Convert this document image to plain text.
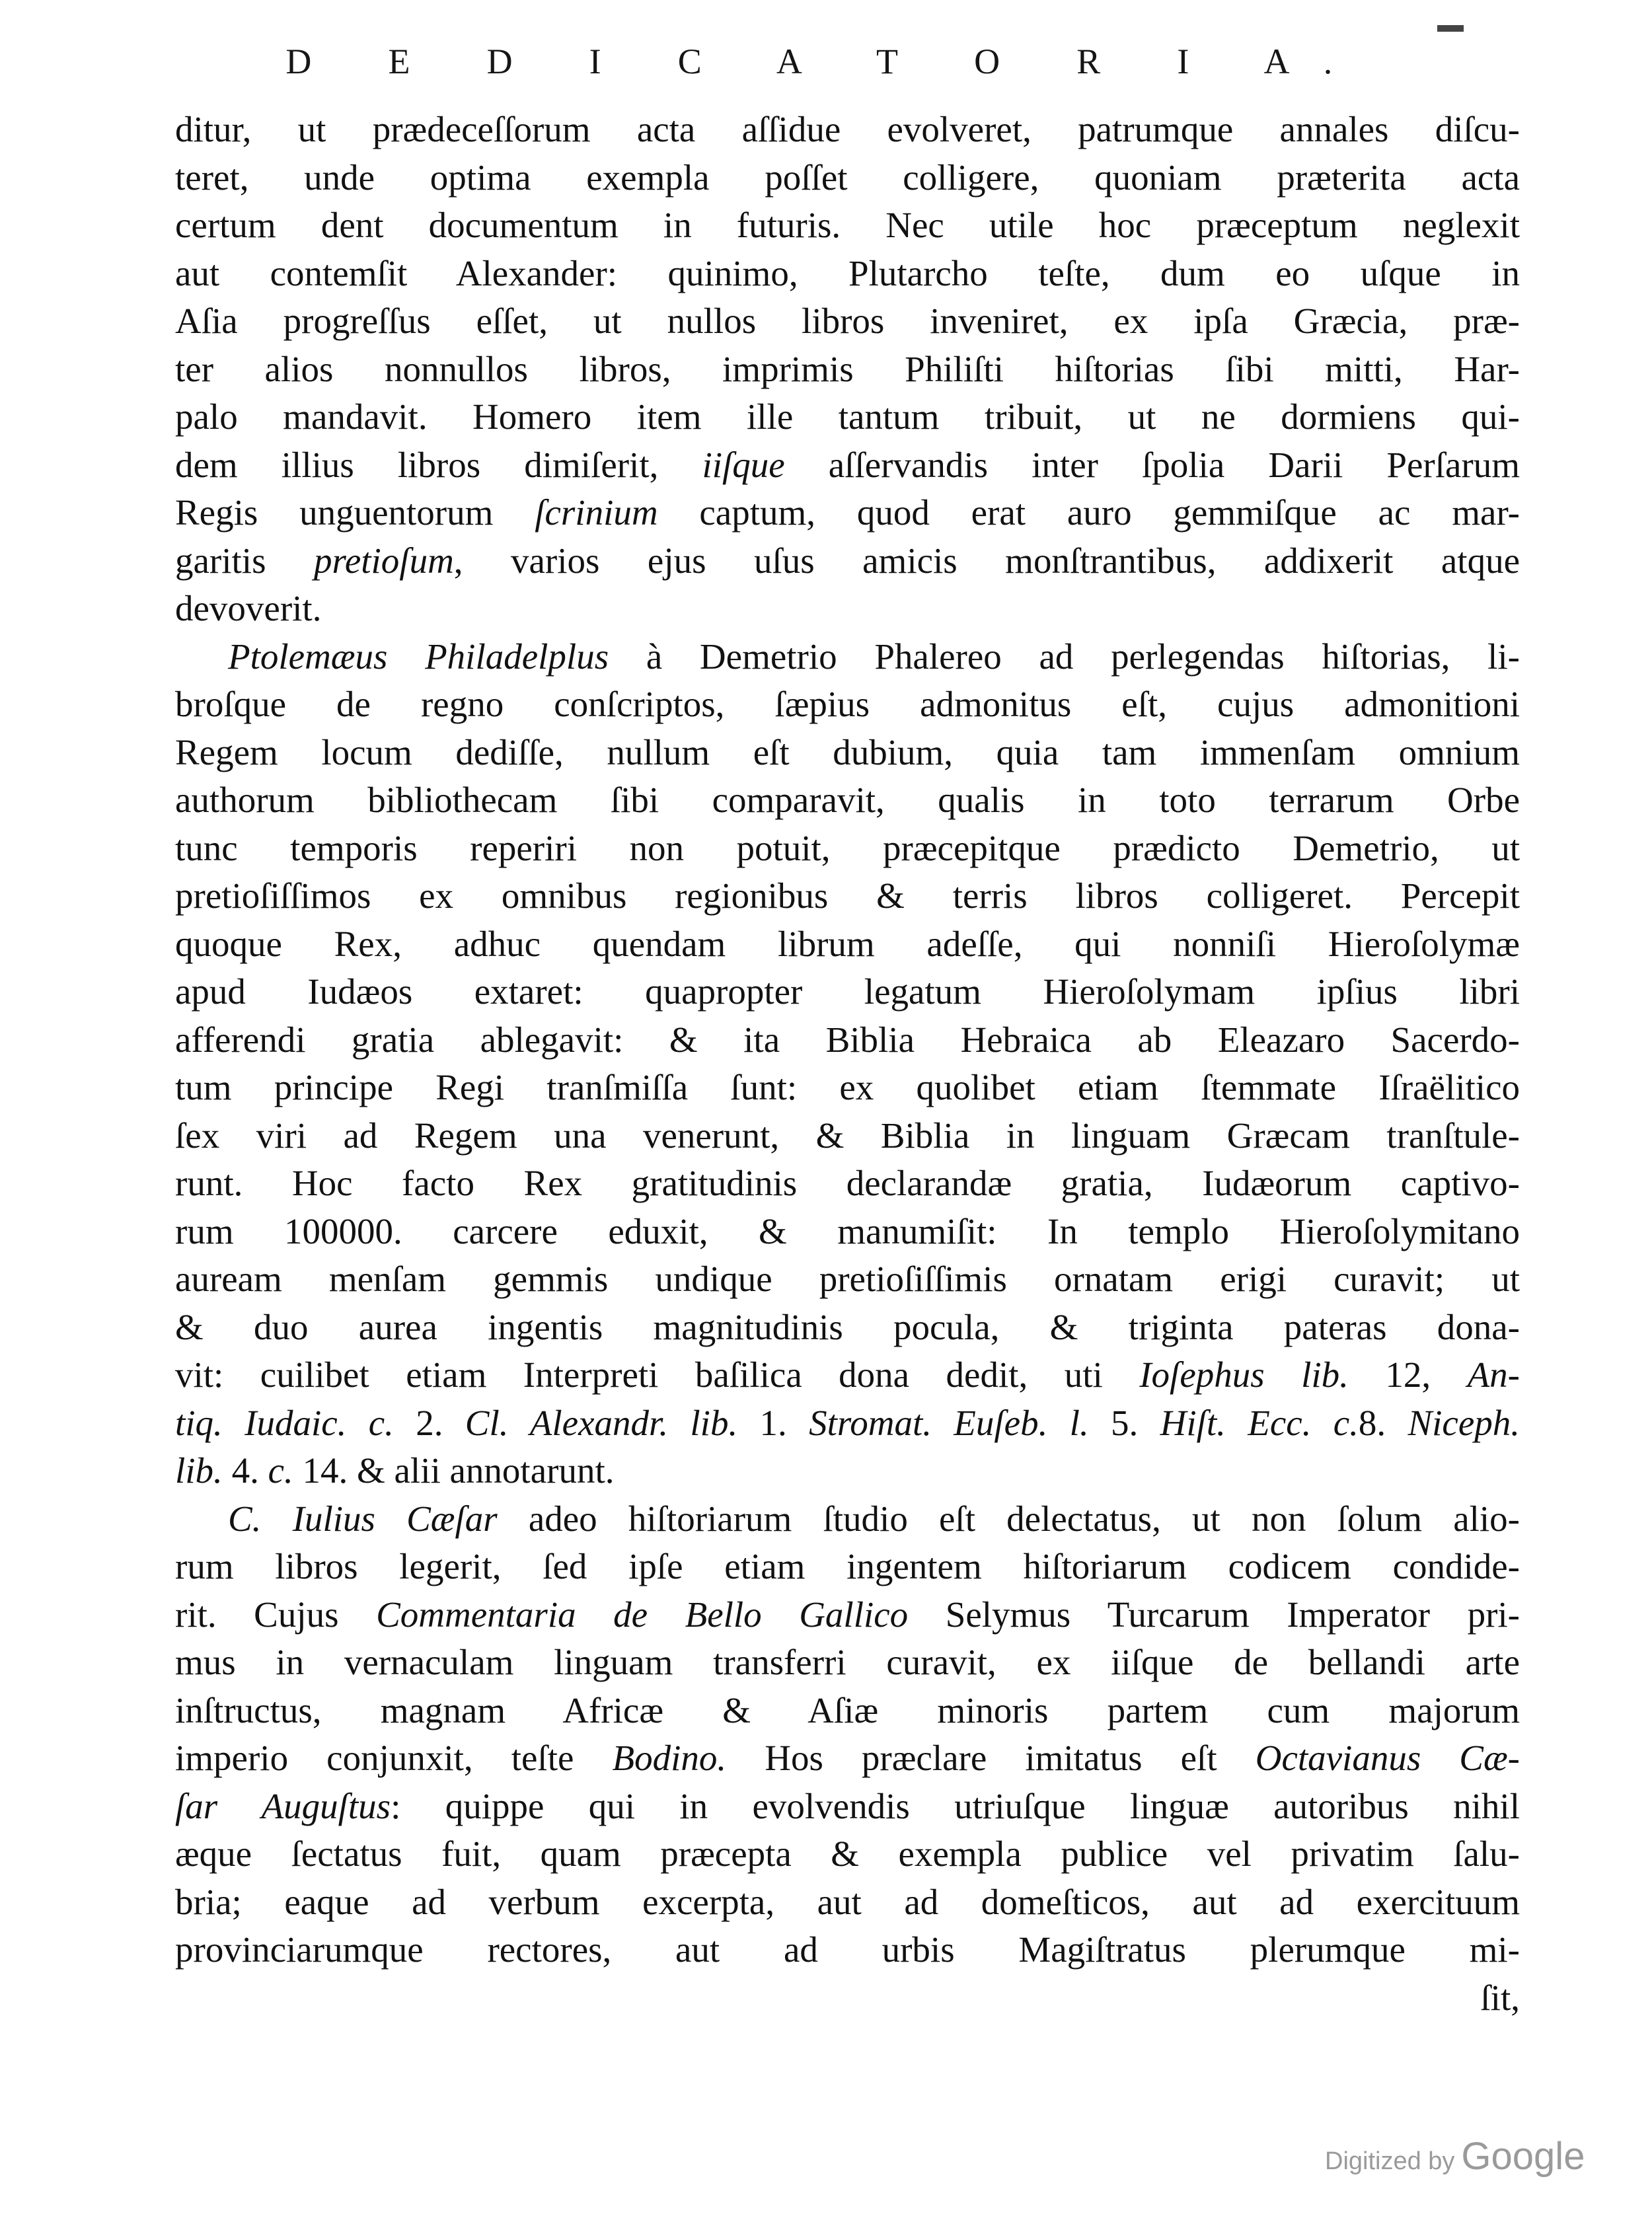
D E D I C A T O R I A.
ditur, ut prædeceſſorum acta aſſidue evolveret, patrumque annales diſcu-
teret, unde optima exempla poſſet colligere, quoniam præterita acta
certum dent documentum in futuris. Nec utile hoc præceptum neglexit
aut contemſit Alexander: quinimo, Plutarcho teſte, dum eo uſque in
Aſia progreſſus eſſet, ut nullos libros inveniret, ex ipſa Græcia, præ-
ter alios nonnullos libros, imprimis Philiſti hiſtorias ſibi mitti, Har-
palo mandavit. Homero item ille tantum tribuit, ut ne dormiens qui-
dem illius libros dimiſerit, iiſque aſſervandis inter ſpolia Darii Perſarum
Regis unguentorum ſcrinium captum, quod erat auro gemmiſque ac mar-
garitis pretioſum, varios ejus uſus amicis monſtrantibus, addixerit atque
devoverit.
Ptolemæus Philadelplus à Demetrio Phalereo ad perlegendas hiſtorias, li-
broſque de regno conſcriptos, ſæpius admonitus eſt, cujus admonitioni
Regem locum dediſſe, nullum eſt dubium, quia tam immenſam omnium
authorum bibliothecam ſibi comparavit, qualis in toto terrarum Orbe
tunc temporis reperiri non potuit, præcepitque prædicto Demetrio, ut
pretioſiſſimos ex omnibus regionibus & terris libros colligeret. Percepit
quoque Rex, adhuc quendam librum adeſſe, qui nonniſi Hieroſolymæ
apud Iudæos extaret: quapropter legatum Hieroſolymam ipſius libri
afferendi gratia ablegavit: & ita Biblia Hebraica ab Eleazaro Sacerdo-
tum principe Regi tranſmiſſa ſunt: ex quolibet etiam ſtemmate Iſraëlitico
ſex viri ad Regem una venerunt, & Biblia in linguam Græcam tranſtule-
runt. Hoc facto Rex gratitudinis declarandæ gratia, Iudæorum captivo-
rum 100000. carcere eduxit, & manumiſit: In templo Hieroſolymitano
auream menſam gemmis undique pretioſiſſimis ornatam erigi curavit; ut
& duo aurea ingentis magnitudinis pocula, & triginta pateras dona-
vit: cuilibet etiam Interpreti baſilica dona dedit, uti Ioſephus lib. 12, An-
tiq. Iudaic. c. 2. Cl. Alexandr. lib. 1. Stromat. Euſeb. l. 5. Hiſt. Ecc. c.8. Niceph.
lib. 4. c. 14. & alii annotarunt.
C. Iulius Cæſar adeo hiſtoriarum ſtudio eſt delectatus, ut non ſolum alio-
rum libros legerit, ſed ipſe etiam ingentem hiſtoriarum codicem condide-
rit. Cujus Commentaria de Bello Gallico Selymus Turcarum Imperator pri-
mus in vernaculam linguam transferri curavit, ex iiſque de bellandi arte
inſtructus, magnam Africæ & Aſiæ minoris partem cum majorum
imperio conjunxit, teſte Bodino. Hos præclare imitatus eſt Octavianus Cæ-
ſar Auguſtus: quippe qui in evolvendis utriuſque linguæ autoribus nihil
æque ſectatus fuit, quam præcepta & exempla publice vel privatim ſalu-
bria; eaque ad verbum excerpta, aut ad domeſticos, aut ad exercituum
provinciarumque rectores, aut ad urbis Magiſtratus plerumque mi-
ſit,
Digitized by Google
